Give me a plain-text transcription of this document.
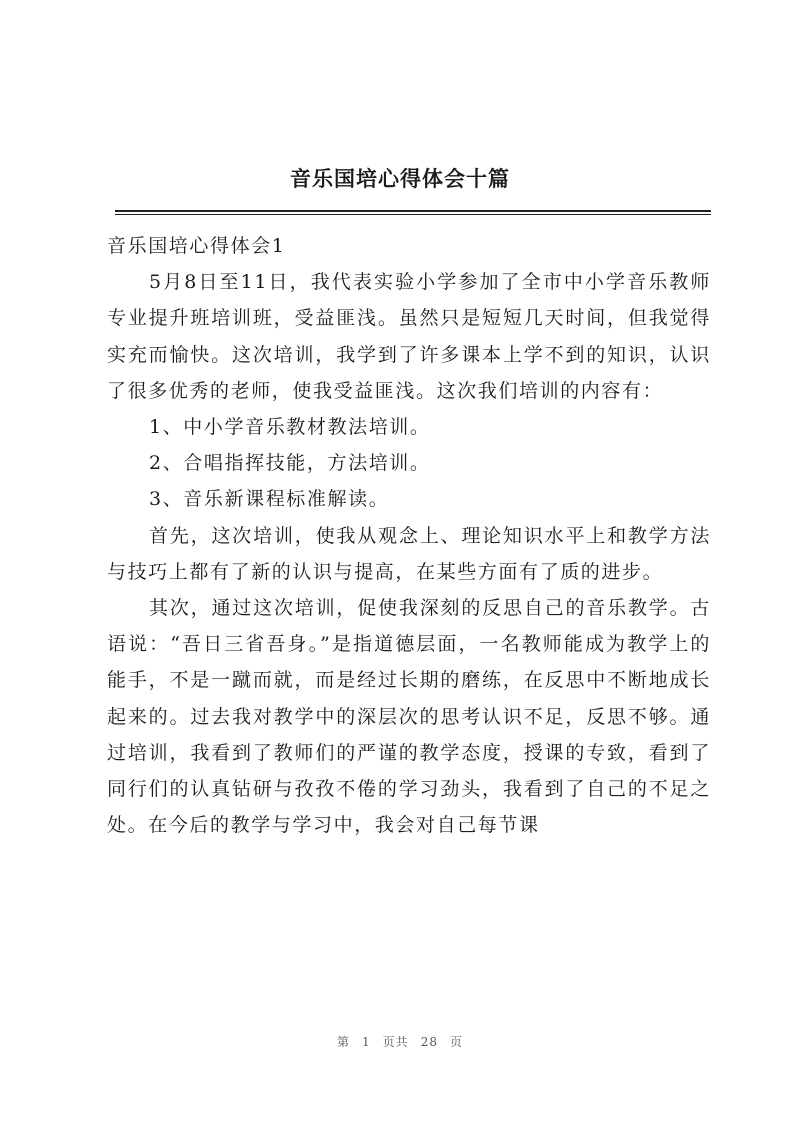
音乐国培心得体会十篇

音乐国培心得体会1

5月8日至11日，我代表实验小学参加了全市中小学音乐教师专业提升班培训班，受益匪浅。虽然只是短短几天时间，但我觉得实充而愉快。这次培训，我学到了许多课本上学不到的知识，认识了很多优秀的老师，使我受益匪浅。这次我们培训的内容有：

1、中小学音乐教材教法培训。

2、合唱指挥技能，方法培训。

3、音乐新课程标准解读。

首先，这次培训，使我从观念上、理论知识水平上和教学方法与技巧上都有了新的认识与提高，在某些方面有了质的进步。

其次，通过这次培训，促使我深刻的反思自己的音乐教学。古语说：“吾日三省吾身。”是指道德层面，一名教师能成为教学上的能手，不是一蹴而就，而是经过长期的磨练，在反思中不断地成长起来的。过去我对教学中的深层次的思考认识不足，反思不够。通过培训，我看到了教师们的严谨的教学态度，授课的专致，看到了同行们的认真钻研与孜孜不倦的学习劲头，我看到了自己的不足之处。在今后的教学与学习中，我会对自己每节课

第 1 页共 28 页
